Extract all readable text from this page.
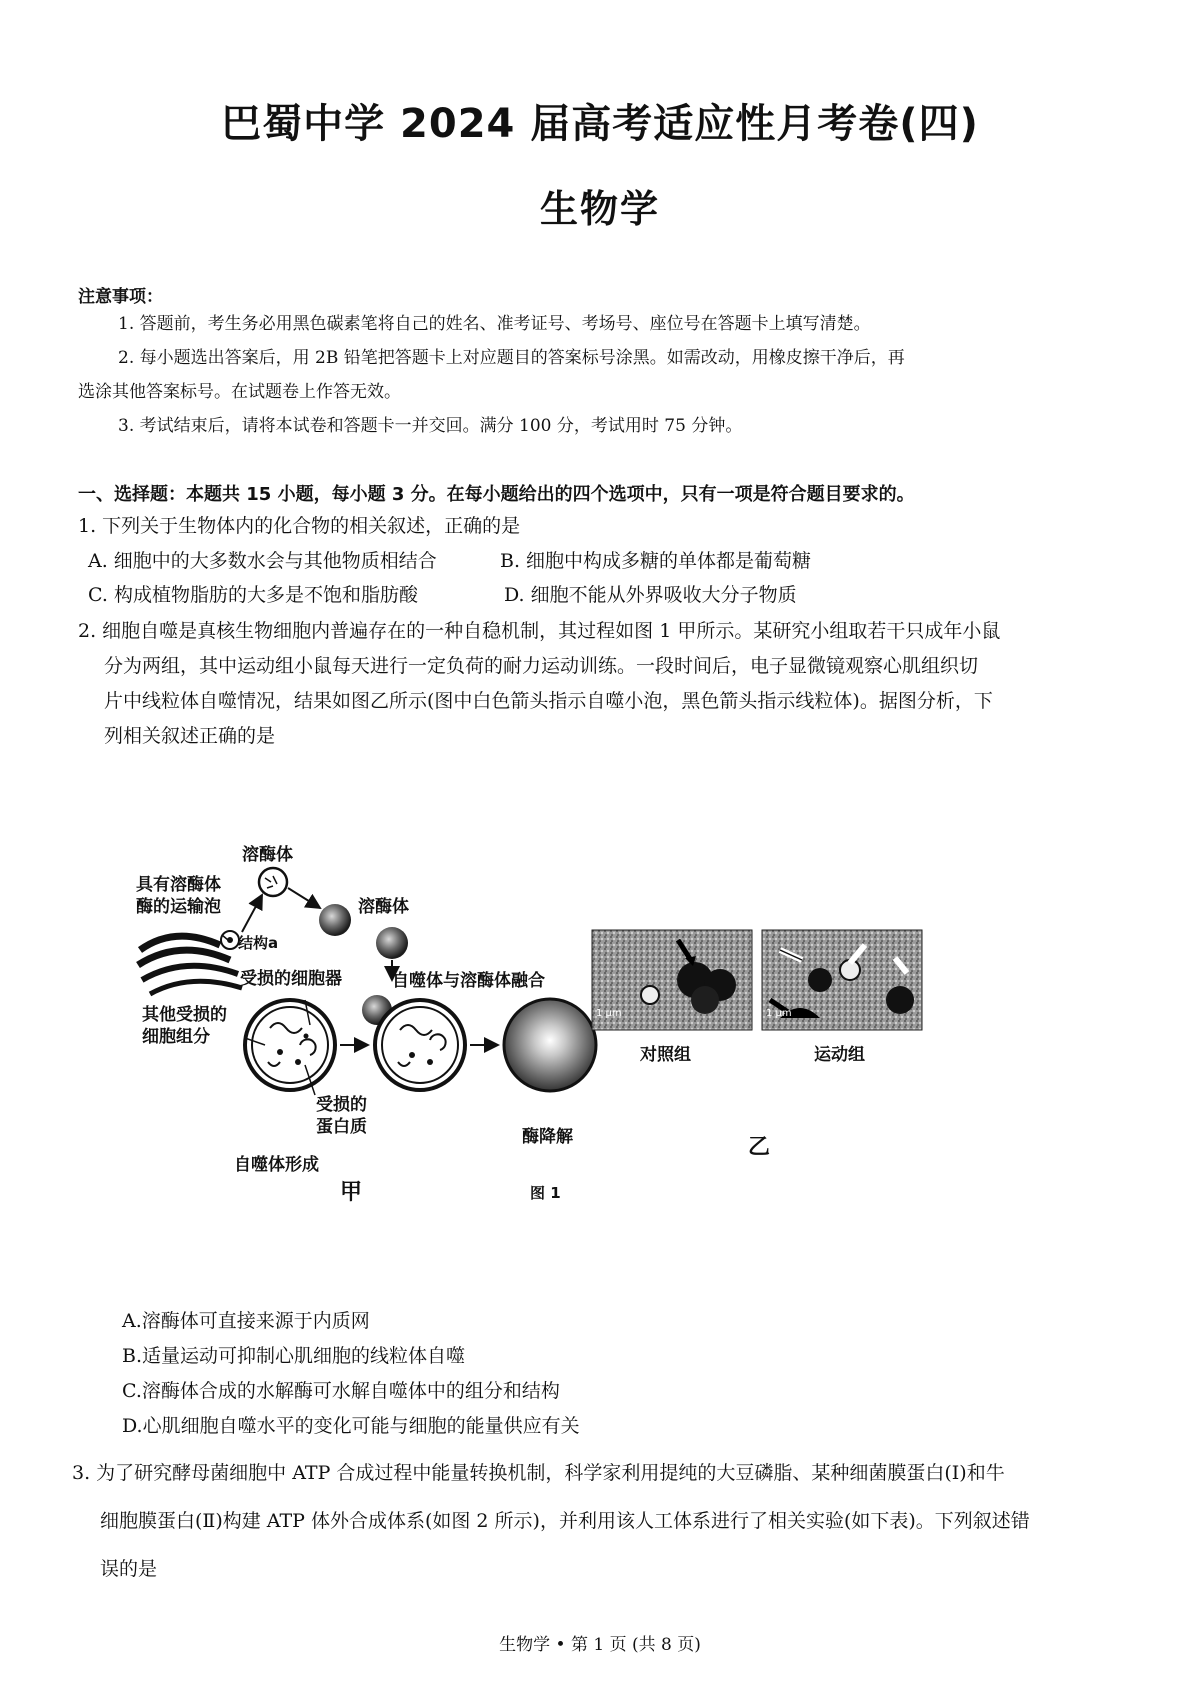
巴蜀中学 2024 届高考适应性月考卷(四)
生物学
注意事项：
1. 答题前，考生务必用黑色碳素笔将自己的姓名、准考证号、考场号、座位号在答题卡上填写清楚。
2. 每小题选出答案后，用 2B 铅笔把答题卡上对应题目的答案标号涂黑。如需改动，用橡皮擦干净后，再
选涂其他答案标号。在试题卷上作答无效。
3. 考试结束后，请将本试卷和答题卡一并交回。满分 100 分，考试用时 75 分钟。
一、选择题：本题共 15 小题，每小题 3 分。在每小题给出的四个选项中，只有一项是符合题目要求的。
1. 下列关于生物体内的化合物的相关叙述，正确的是
A. 细胞中的大多数水会与其他物质相结合	B. 细胞中构成多糖的单体都是葡萄糖
C. 构成植物脂肪的大多是不饱和脂肪酸	D. 细胞不能从外界吸收大分子物质
2. 细胞自噬是真核生物细胞内普遍存在的一种自稳机制，其过程如图 1 甲所示。某研究小组取若干只成年小鼠
分为两组，其中运动组小鼠每天进行一定负荷的耐力运动训练。一段时间后，电子显微镜观察心肌组织切
片中线粒体自噬情况，结果如图乙所示(图中白色箭头指示自噬小泡，黑色箭头指示线粒体)。据图分析，下
列相关叙述正确的是
溶酶体
具有溶酶体
酶的运输泡
结构a
溶酶体
受损的细胞器	自噬体与溶酶体融合
其他受损的
细胞组分
受损的
蛋白质
自噬体形成
酶降解
甲
对照组	运动组
1 μm	1 μm
乙
图 1
A.溶酶体可直接来源于内质网
B.适量运动可抑制心肌细胞的线粒体自噬
C.溶酶体合成的水解酶可水解自噬体中的组分和结构
D.心肌细胞自噬水平的变化可能与细胞的能量供应有关
3. 为了研究酵母菌细胞中 ATP 合成过程中能量转换机制，科学家利用提纯的大豆磷脂、某种细菌膜蛋白(Ⅰ)和牛
细胞膜蛋白(Ⅱ)构建 ATP 体外合成体系(如图 2 所示)，并利用该人工体系进行了相关实验(如下表)。下列叙述错
误的是
生物学 • 第 1 页 (共 8 页)
